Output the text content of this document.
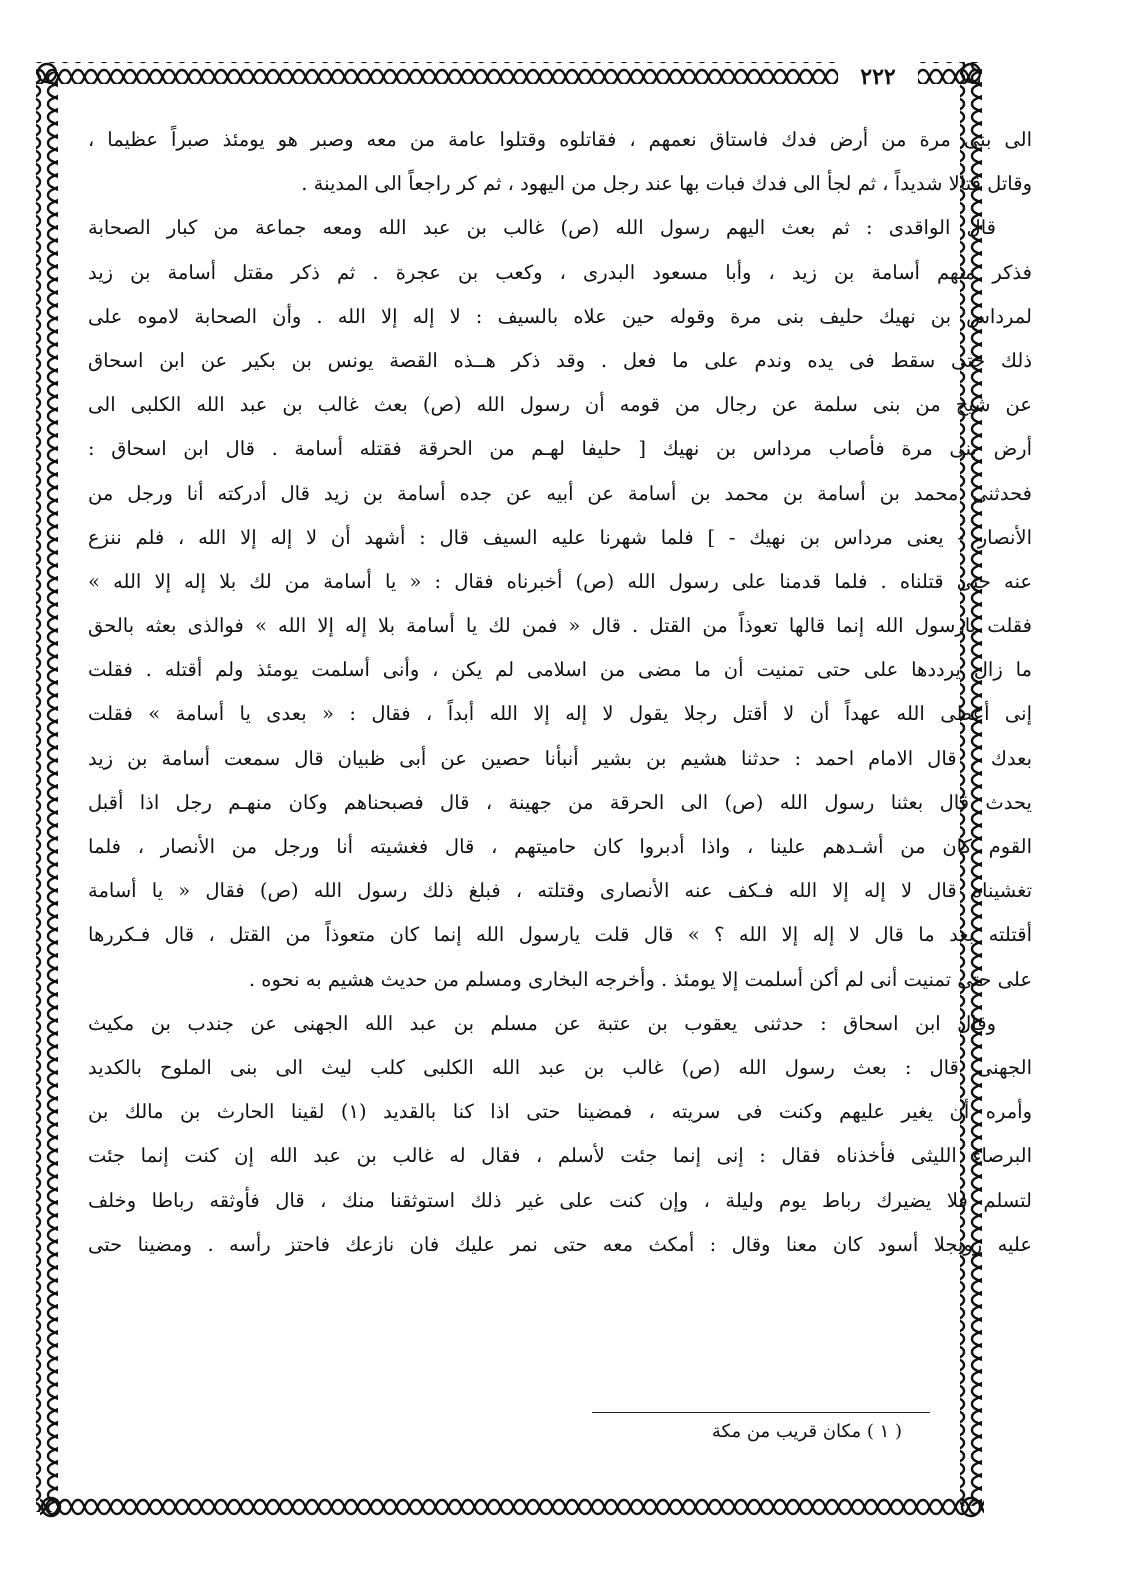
٢٢٢
الى بنى مرة من أرض فدك فاستاق نعمهم ، فقاتلوه وقتلوا عامة من معه وصبر هو يومئذ صبراً عظيما ،
وقاتل قتالا شديداً ، ثم لجأ الى فدك فبات بها عند رجل من اليهود ، ثم كر راجعاً الى المدينة .
قال الواقدى : ثم بعث اليهم رسول الله (ص) غالب بن عبد الله ومعه جماعة من كبار الصحابة
فذكر منهم أسامة بن زيد ، وأبا مسعود البدرى ، وكعب بن عجرة . ثم ذكر مقتل أسامة بن زيد
لمرداس بن نهيك حليف بنى مرة وقوله حين علاه بالسيف : لا إله إلا الله . وأن الصحابة لاموه على
ذلك حتى سقط فى يده وندم على ما فعل . وقد ذكر هــذه القصة يونس بن بكير عن ابن اسحاق
عن شيخ من بنى سلمة عن رجال من قومه أن رسول الله (ص) بعث غالب بن عبد الله الكلبى الى
أرض بنى مرة فأصاب مرداس بن نهيك [ حليفا لهـم من الحرقة فقتله أسامة . قال ابن اسحاق :
فحدثنى محمد بن أسامة بن محمد بن أسامة عن أبيه عن جده أسامة بن زيد قال أدركته أنا ورجل من
الأنصار - يعنى مرداس بن نهيك - ] فلما شهرنا عليه السيف قال : أشهد أن لا إله إلا الله ، فلم ننزع
عنه حتى قتلناه . فلما قدمنا على رسول الله (ص) أخبرناه فقال : « يا أسامة من لك بلا إله إلا الله »
فقلت يارسول الله إنما قالها تعوذاً من القتل . قال « فمن لك يا أسامة بلا إله إلا الله » فوالذى بعثه بالحق
ما زال يرددها على حتى تمنيت أن ما مضى من اسلامى لم يكن ، وأنى أسلمت يومئذ ولم أقتله . فقلت
إنى أعطى الله عهداً أن لا أقتل رجلا يقول لا إله إلا الله أبداً ، فقال : « بعدى يا أسامة » فقلت
بعدك . قال الامام احمد : حدثنا هشيم بن بشير أنبأنا حصين عن أبى ظبيان قال سمعت أسامة بن زيد
يحدث قال بعثنا رسول الله (ص) الى الحرقة من جهينة ، قال فصبحناهم وكان منهـم رجل اذا أقبل
القوم كان من أشـدهم علينا ، واذا أدبروا كان حاميتهم ، قال فغشيته أنا ورجل من الأنصار ، فلما
تغشيناه قال لا إله إلا الله فـكف عنه الأنصارى وقتلته ، فبلغ ذلك رسول الله (ص) فقال « يا أسامة
أقتلته بعد ما قال لا إله إلا الله ؟ » قال قلت يارسول الله إنما كان متعوذاً من القتل ، قال فـكررها
على حتى تمنيت أنى لم أكن أسلمت إلا يومئذ . وأخرجه البخارى ومسلم من حديث هشيم به نحوه .
وقال ابن اسحاق : حدثنى يعقوب بن عتبة عن مسلم بن عبد الله الجهنى عن جندب بن مكيث
الجهنى قال : بعث رسول الله (ص) غالب بن عبد الله الكلبى كلب ليث الى بنى الملوح بالكديد
وأمره أن يغير عليهم وكنت فى سريته ، فمضينا حتى اذا كنا بالقديد (١) لقينا الحارث بن مالك بن
البرصاء الليثى فأخذناه فقال : إنى إنما جئت لأسلم ، فقال له غالب بن عبد الله إن كنت إنما جئت
لتسلم فلا يضيرك رباط يوم وليلة ، وإن كنت على غير ذلك استوثقنا منك ، قال فأوثقه رباطا وخلف
عليه رويجلا أسود كان معنا وقال : أمكث معه حتى نمر عليك فان نازعك فاحتز رأسه . ومضينا حتى
( ١ ) مكان قريب من مكة
